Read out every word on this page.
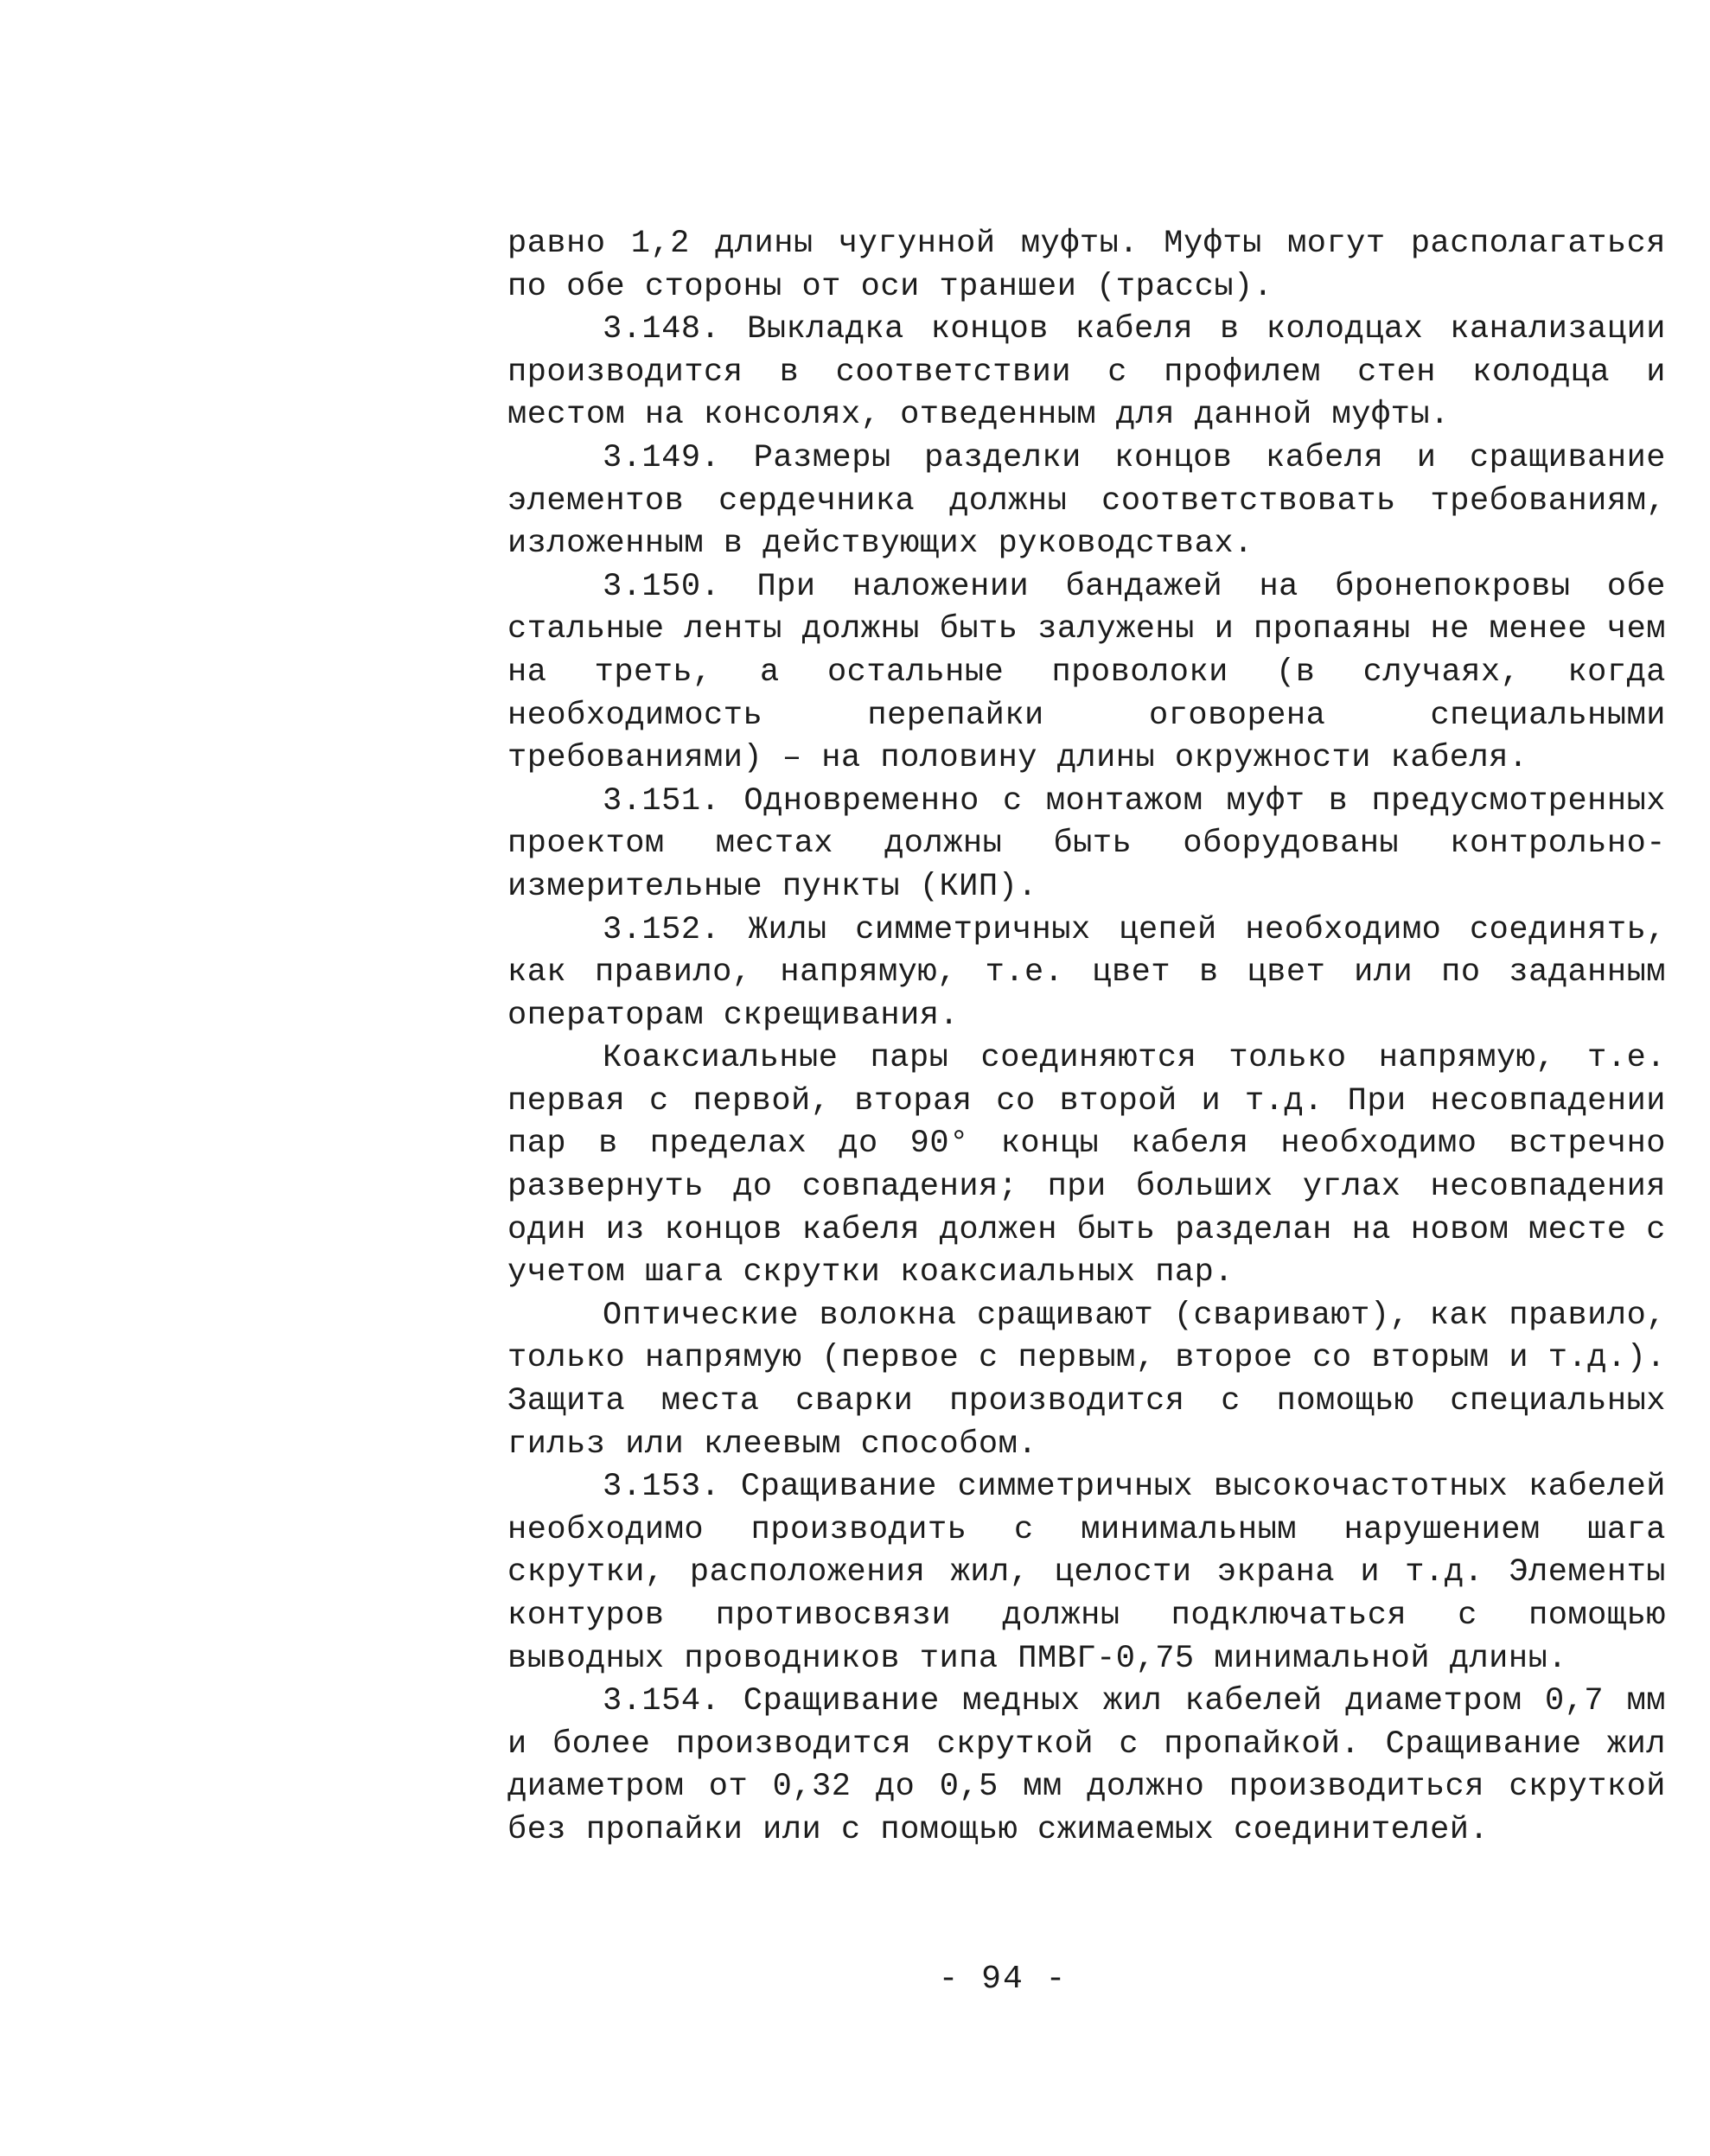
равно 1,2 длины чугунной муфты. Муфты могут располагаться по обе стороны от оси траншеи (трассы).

3.148. Выкладка концов кабеля в колодцах канализации производится в соответствии с профилем стен колодца и местом на консолях, отведенным для данной муфты.

3.149. Размеры разделки концов кабеля и сращивание элементов сердечника должны соответствовать требованиям, изложенным в действующих руководствах.

3.150. При наложении бандажей на бронепокровы обе стальные ленты должны быть залужены и пропаяны не менее чем на треть, а остальные проволоки (в случаях, когда необходимость перепайки оговорена специальными требованиями) – на половину длины окружности кабеля.

3.151. Одновременно с монтажом муфт в предусмотренных проектом местах должны быть оборудованы контрольно-измерительные пункты (КИП).

3.152. Жилы симметричных цепей необходимо соединять, как правило, напрямую, т.е. цвет в цвет или по заданным операторам скрещивания.

Коаксиальные пары соединяются только напрямую, т.е. первая с первой, вторая со второй и т.д. При несовпадении пар в пределах до 90° концы кабеля необходимо встречно развернуть до совпадения; при больших углах несовпадения один из концов кабеля должен быть разделан на новом месте с учетом шага скрутки коаксиальных пар.

Оптические волокна сращивают (сваривают), как правило, только напрямую (первое с первым, второе со вторым и т.д.). Защита места сварки производится с помощью специальных гильз или клеевым способом.

3.153. Сращивание симметричных высокочастотных кабелей необходимо производить с минимальным нарушением шага скрутки, расположения жил, целости экрана и т.д. Элементы контуров противосвязи должны подключаться с помощью выводных проводников типа ПМВГ-0,75 минимальной длины.

3.154. Сращивание медных жил кабелей диаметром 0,7 мм и более производится скруткой с пропайкой. Сращивание жил диаметром от 0,32 до 0,5 мм должно производиться скруткой без пропайки или с помощью сжимаемых соединителей.

- 94 -
